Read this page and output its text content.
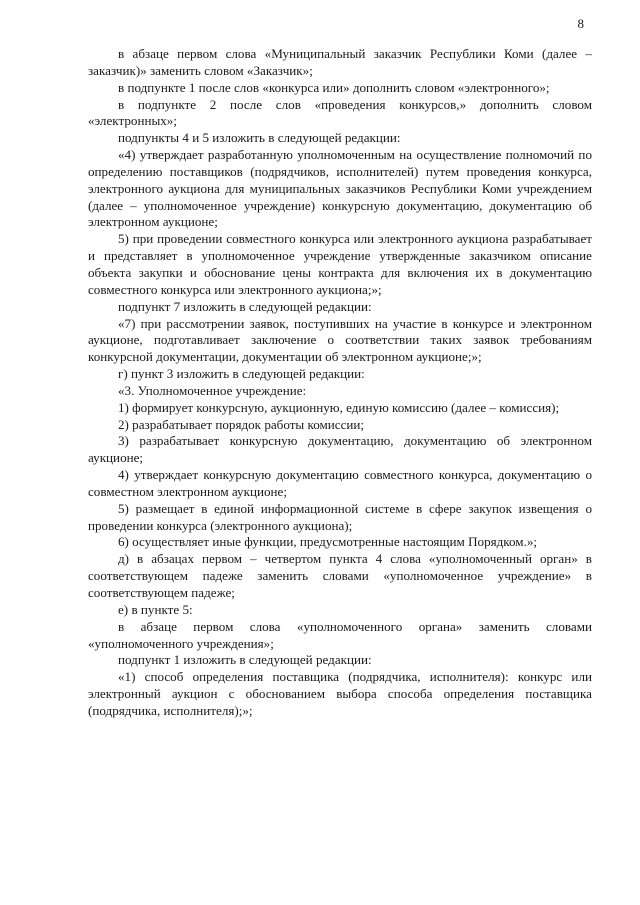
8

в абзаце первом слова «Муниципальный заказчик Республики Коми (далее – заказчик)» заменить словом «Заказчик»;

в подпункте 1 после слов «конкурса или» дополнить словом «электронного»;

в подпункте 2 после слов «проведения конкурсов,» дополнить словом «электронных»;

подпункты 4 и 5 изложить в следующей редакции:

«4) утверждает разработанную уполномоченным на осуществление полномочий по определению поставщиков (подрядчиков, исполнителей) путем проведения конкурса, электронного аукциона для муниципальных заказчиков Республики Коми учреждением (далее – уполномоченное учреждение) конкурсную документацию, документацию об электронном аукционе;

5) при проведении совместного конкурса или электронного аукциона разрабатывает и представляет в уполномоченное учреждение утвержденные заказчиком описание объекта закупки и обоснование цены контракта для включения их в документацию совместного конкурса или электронного аукциона;»;

подпункт 7 изложить в следующей редакции:

«7) при рассмотрении заявок, поступивших на участие в конкурсе и электронном аукционе, подготавливает заключение о соответствии таких заявок требованиям конкурсной документации, документации об электронном аукционе;»;

г) пункт 3 изложить в следующей редакции:

«3. Уполномоченное учреждение:

1) формирует конкурсную, аукционную, единую комиссию (далее – комиссия);

2) разрабатывает порядок работы комиссии;

3) разрабатывает конкурсную документацию, документацию об электронном аукционе;

4) утверждает конкурсную документацию совместного конкурса, документацию о совместном электронном аукционе;

5) размещает в единой информационной системе в сфере закупок извещения о проведении конкурса (электронного аукциона);

6) осуществляет иные функции, предусмотренные настоящим Порядком.»;

д) в абзацах первом – четвертом пункта 4 слова «уполномоченный орган» в соответствующем падеже заменить словами «уполномоченное учреждение» в соответствующем падеже;

е) в пункте 5:

в абзаце первом слова «уполномоченного органа» заменить словами «уполномоченного учреждения»;

подпункт 1 изложить в следующей редакции:

«1) способ определения поставщика (подрядчика, исполнителя): конкурс или электронный аукцион с обоснованием выбора способа определения поставщика (подрядчика, исполнителя);»;
